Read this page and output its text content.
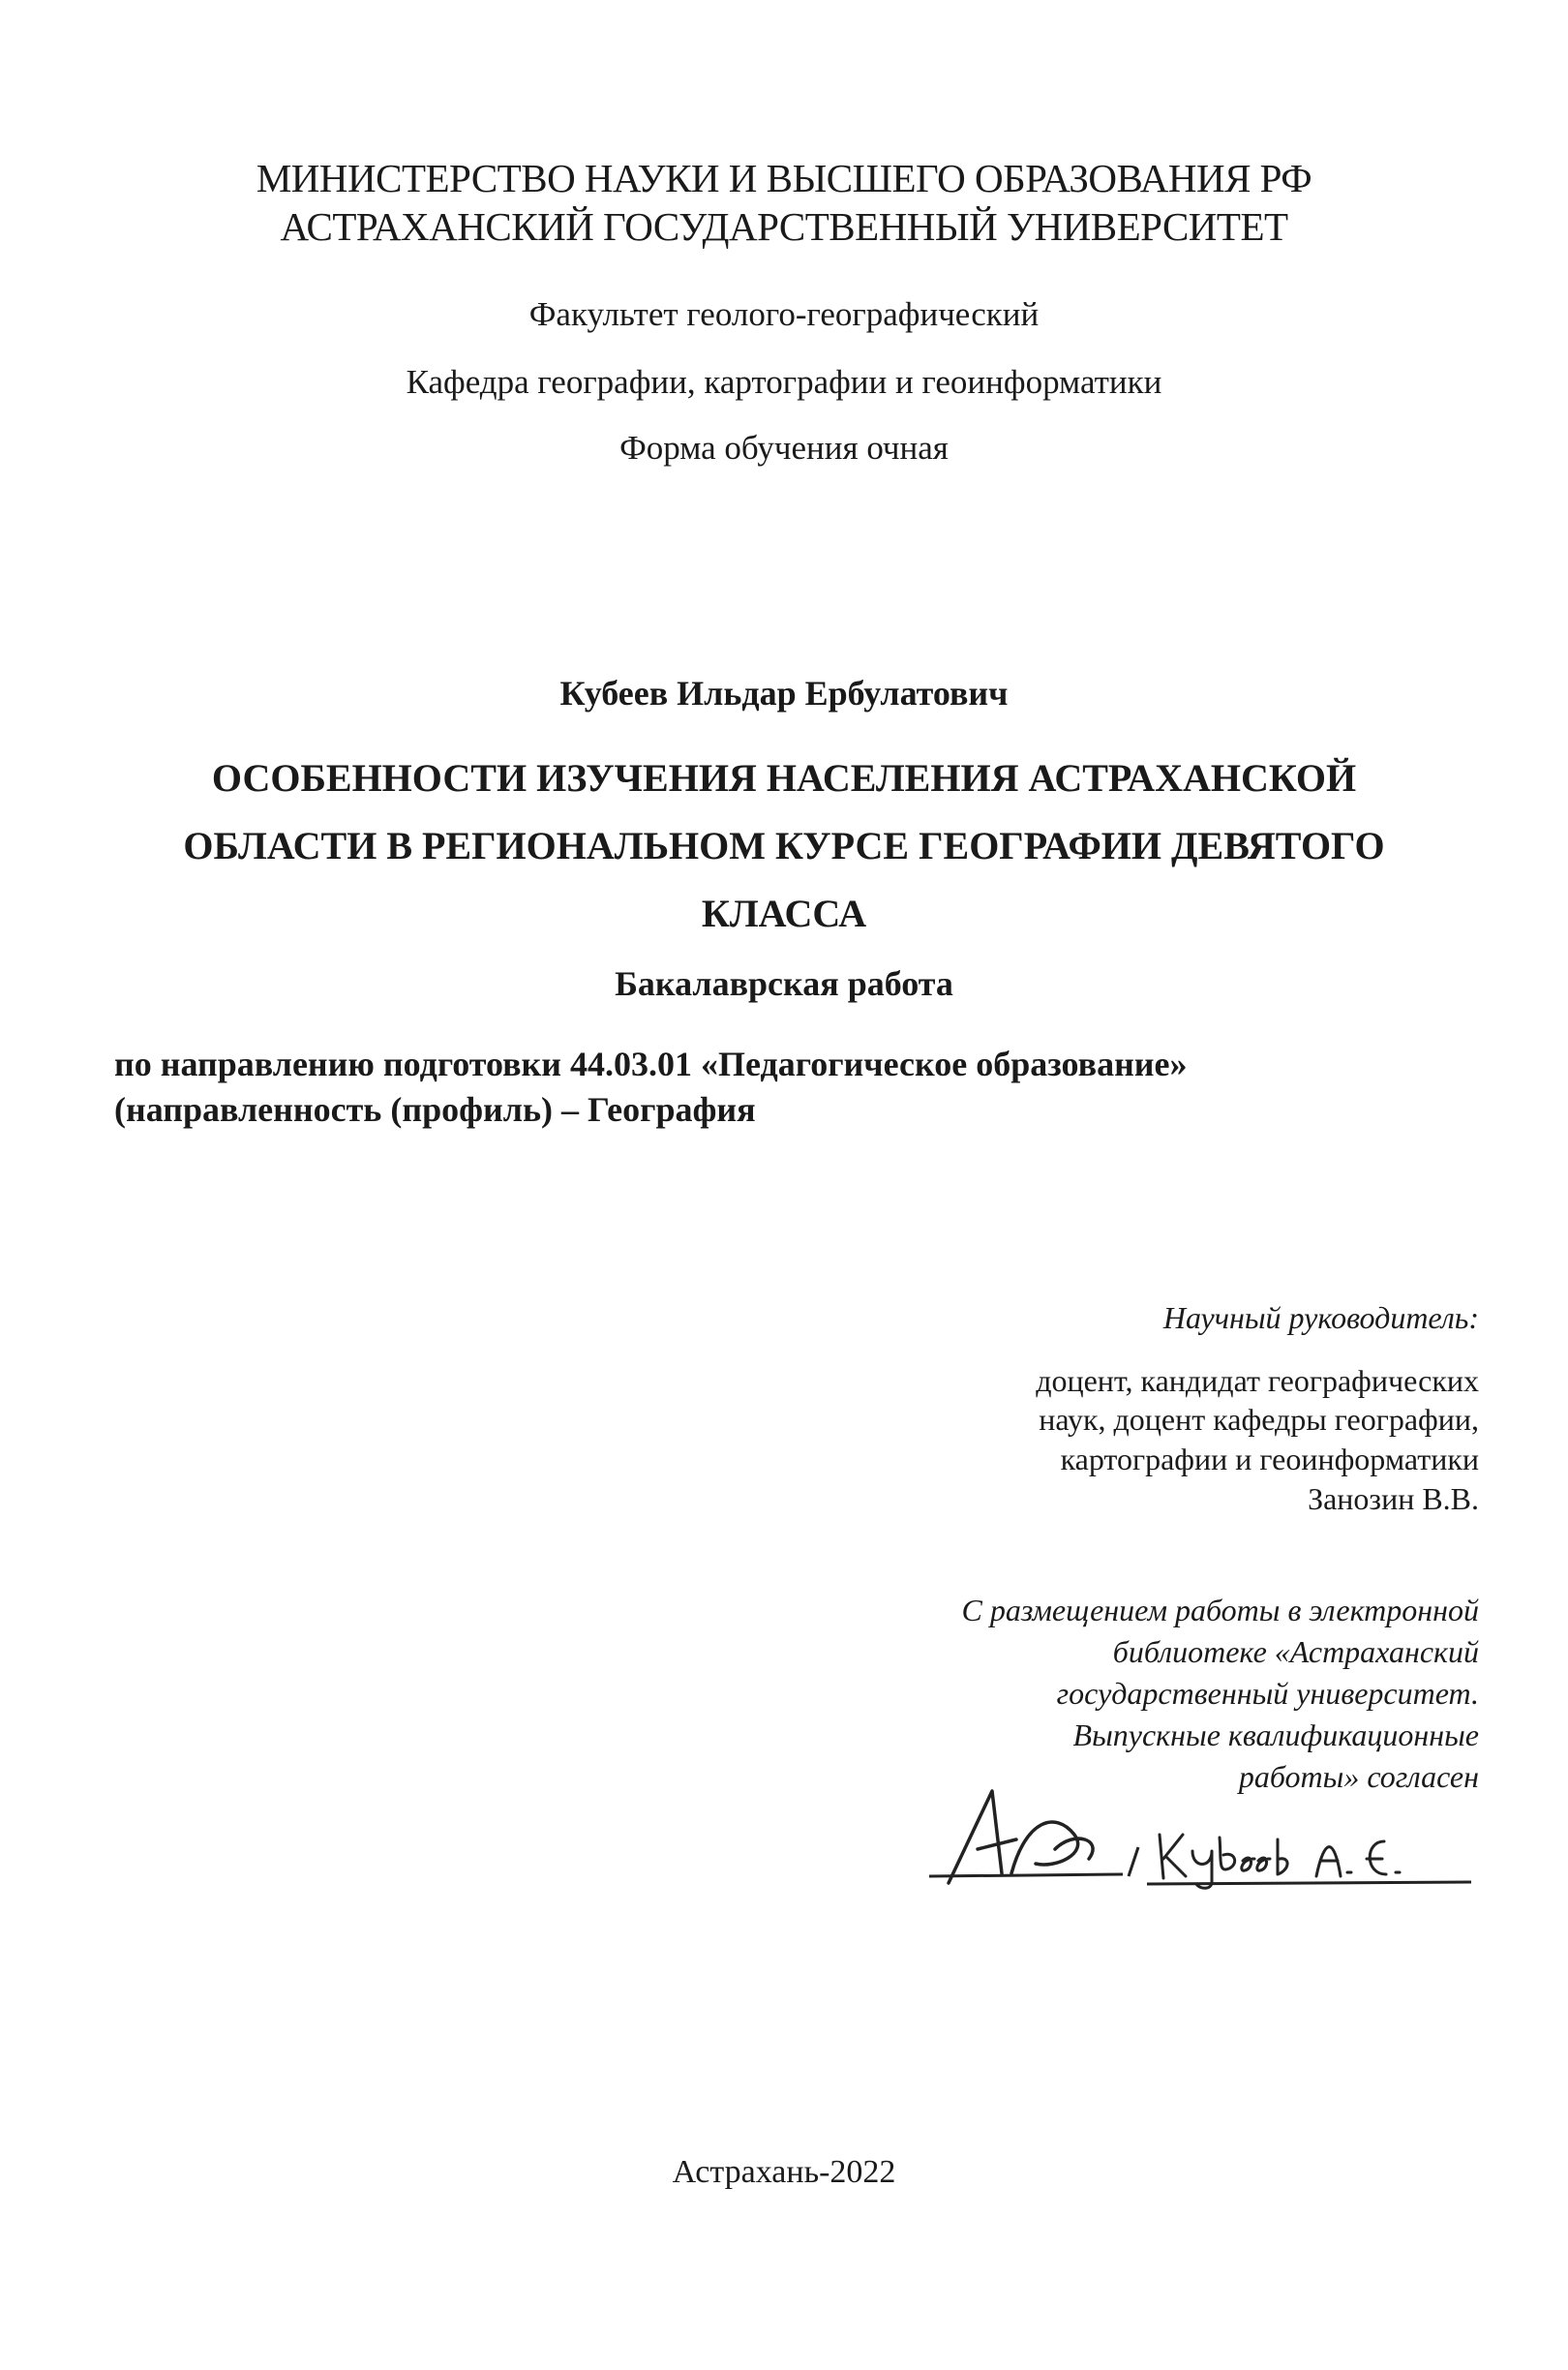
МИНИСТЕРСТВО НАУКИ И ВЫСШЕГО ОБРАЗОВАНИЯ РФ
АСТРАХАНСКИЙ ГОСУДАРСТВЕННЫЙ УНИВЕРСИТЕТ
Факультет геолого-географический
Кафедра географии, картографии и геоинформатики
Форма обучения очная
Кубеев Ильдар Ербулатович
ОСОБЕННОСТИ ИЗУЧЕНИЯ НАСЕЛЕНИЯ АСТРАХАНСКОЙ
ОБЛАСТИ В РЕГИОНАЛЬНОМ КУРСЕ ГЕОГРАФИИ ДЕВЯТОГО
КЛАССА
Бакалаврская работа
по направлению подготовки 44.03.01 «Педагогическое образование»
(направленность (профиль) – География
Научный руководитель:
доцент, кандидат географических
наук, доцент кафедры географии,
картографии и геоинформатики
Занозин В.В.
С размещением работы в электронной
библиотеке «Астраханский
государственный университет.
Выпускные квалификационные
работы» согласен
Астрахань-2022
